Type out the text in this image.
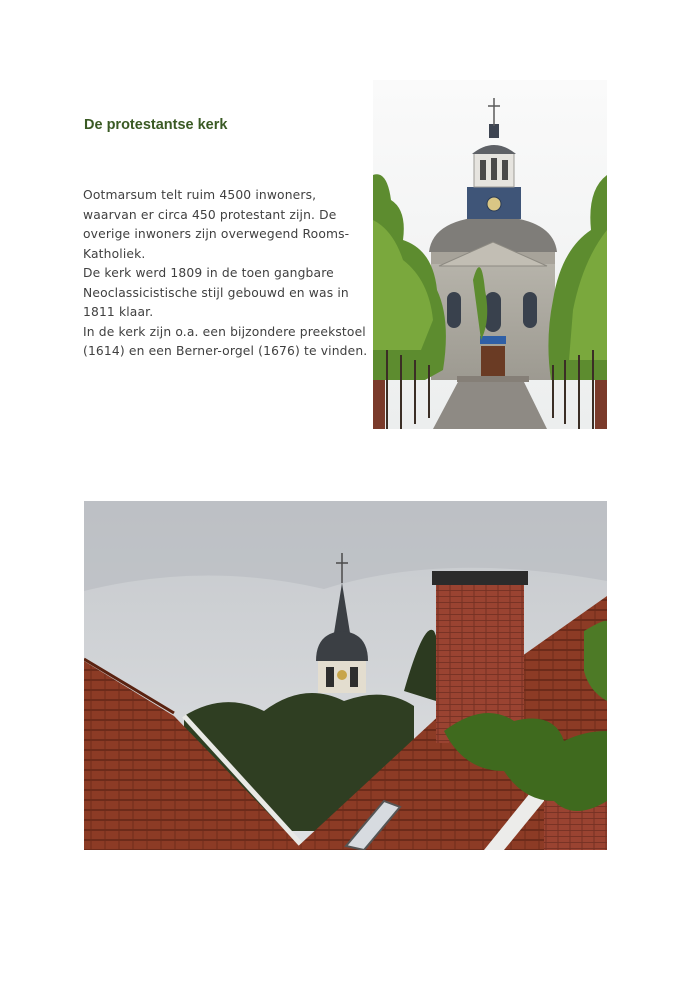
De protestantse kerk
Ootmarsum telt ruim 4500 inwoners,
waarvan er circa 450 protestant zijn. De
overige inwoners zijn overwegend Rooms-
Katholiek.
De kerk werd 1809 in de toen gangbare
Neoclassicistische stijl gebouwd en was in
1811 klaar.
In de kerk zijn o.a. een bijzondere preekstoel
(1614) en een Berner-orgel (1676) te vinden.
